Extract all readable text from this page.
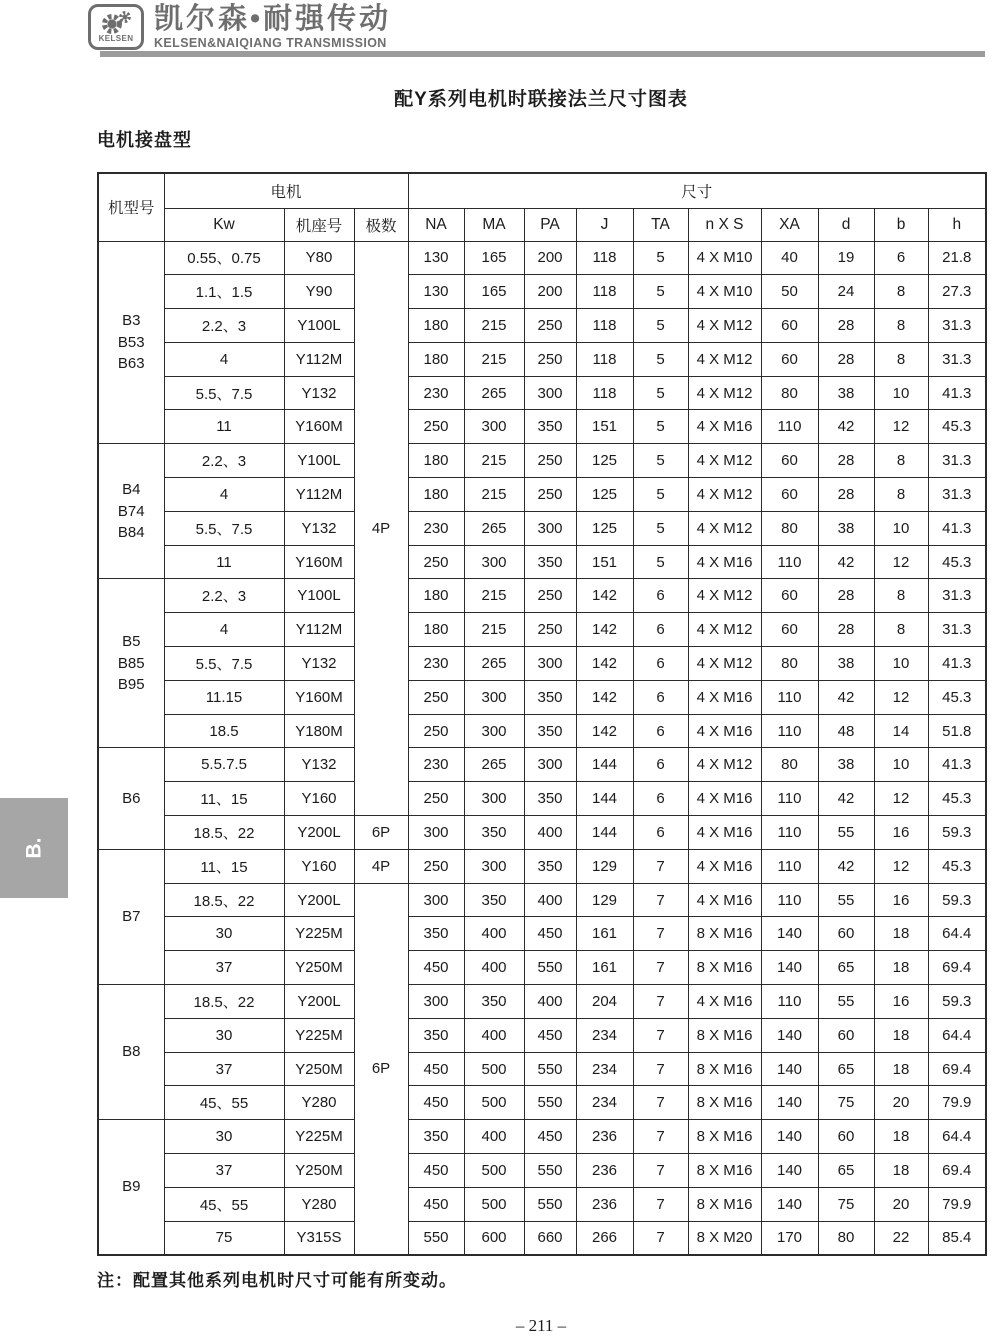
KELSEN
凯尔森•耐强传动
KELSEN&NAIQIANG TRANSMISSION
配Y系列电机时联接法兰尺寸图表
电机接盘型
机型号	电机			尺寸									
	Kw	机座号	极数	NA	MA	PA	J	TA	n X S	XA	d	b	h

B3
B53
B63	0.55、0.75	Y80	4P	130	165	200	118	5	4 X M10	40	19	6	21.8
	1.1、1.5	Y90		130	165	200	118	5	4 X M10	50	24	8	27.3
	2.2、3	Y100L		180	215	250	118	5	4 X M12	60	28	8	31.3
	4	Y112M		180	215	250	118	5	4 X M12	60	28	8	31.3
	5.5、7.5	Y132		230	265	300	118	5	4 X M12	80	38	10	41.3
	11	Y160M		250	300	350	151	5	4 X M16	110	42	12	45.3

B4
B74
B84	2.2、3	Y100L		180	215	250	125	5	4 X M12	60	28	8	31.3
	4	Y112M		180	215	250	125	5	4 X M12	60	28	8	31.3
	5.5、7.5	Y132		230	265	300	125	5	4 X M12	80	38	10	41.3
	11	Y160M		250	300	350	151	5	4 X M16	110	42	12	45.3

B5
B85
B95	2.2、3	Y100L		180	215	250	142	6	4 X M12	60	28	8	31.3
	4	Y112M		180	215	250	142	6	4 X M12	60	28	8	31.3
	5.5、7.5	Y132		230	265	300	142	6	4 X M12	80	38	10	41.3
	11.15	Y160M		250	300	350	142	6	4 X M16	110	42	12	45.3
	18.5	Y180M		250	300	350	142	6	4 X M16	110	48	14	51.8

B6	5.5.7.5	Y132		230	265	300	144	6	4 X M12	80	38	10	41.3
	11、15	Y160		250	300	350	144	6	4 X M16	110	42	12	45.3
	18.5、22	Y200L	6P	300	350	400	144	6	4 X M16	110	55	16	59.3

B7	11、15	Y160	4P	250	300	350	129	7	4 X M16	110	42	12	45.3
	18.5、22	Y200L	6P	300	350	400	129	7	4 X M16	110	55	16	59.3
	30	Y225M		350	400	450	161	7	8 X M16	140	60	18	64.4
	37	Y250M		450	400	550	161	7	8 X M16	140	65	18	69.4

B8	18.5、22	Y200L		300	350	400	204	7	4 X M16	110	55	16	59.3
	30	Y225M		350	400	450	234	7	8 X M16	140	60	18	64.4
	37	Y250M		450	500	550	234	7	8 X M16	140	65	18	69.4
	45、55	Y280		450	500	550	234	7	8 X M16	140	75	20	79.9

B9	30	Y225M		350	400	450	236	7	8 X M16	140	60	18	64.4
	37	Y250M		450	500	550	236	7	8 X M16	140	65	18	69.4
	45、55	Y280		450	500	550	236	7	8 X M16	140	75	20	79.9
	75	Y315S		550	600	660	266	7	8 X M20	170	80	22	85.4
注：配置其他系列电机时尺寸可能有所变动。
– 211 –
B.
